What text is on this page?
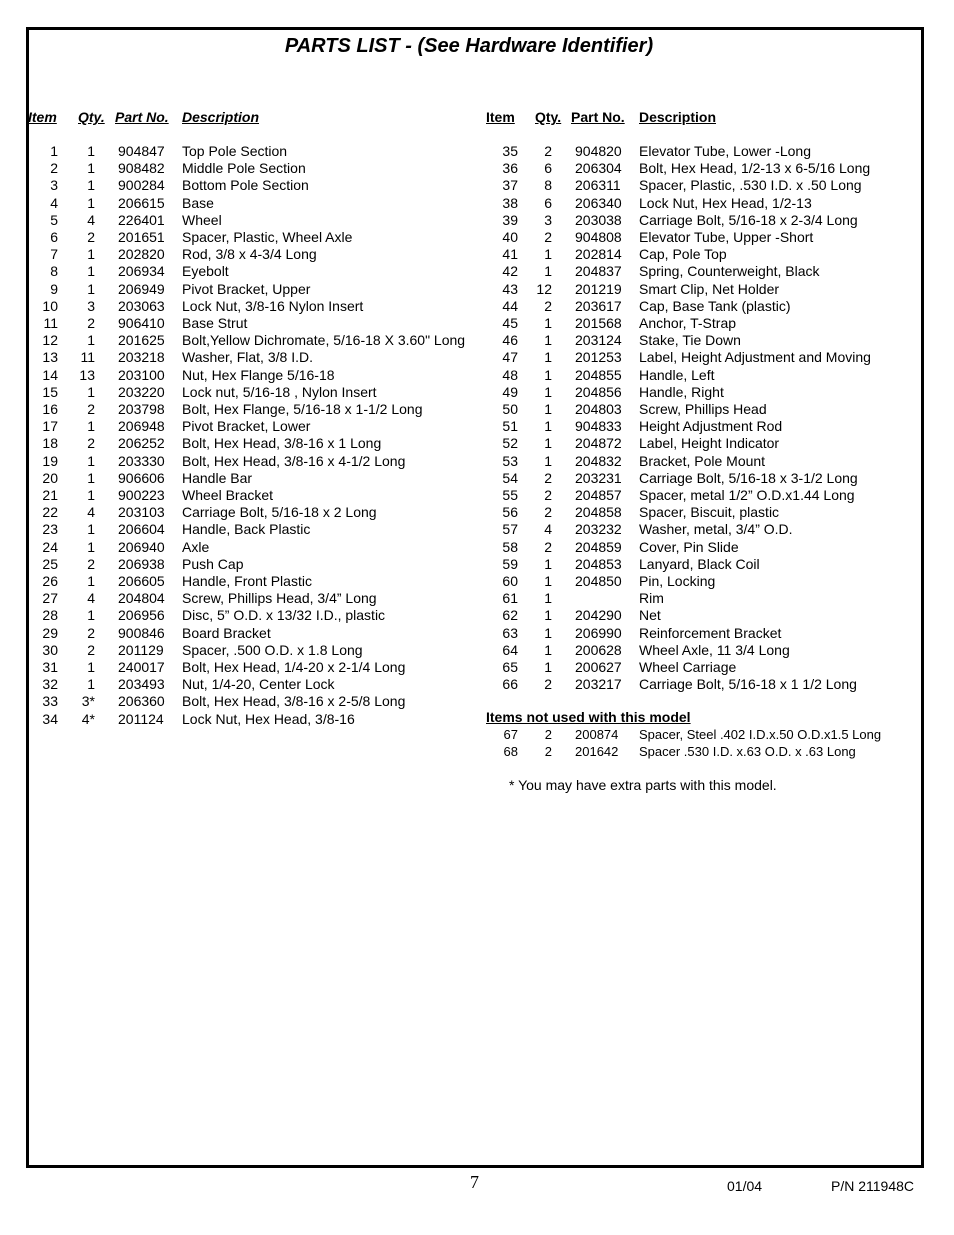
PARTS LIST - (See Hardware Identifier)
Item Qty. Part No. Description	Item Qty. Part No. Description
1	1 904847 Top Pole Section
2	1 908482 Middle Pole Section
3	1 900284 Bottom Pole Section
4	1 206615 Base
5	4 226401 Wheel
6	2 201651 Spacer, Plastic, Wheel Axle
7	1 202820 Rod, 3/8 x 4-3/4 Long
8	1 206934 Eyebolt
9	1 206949 Pivot Bracket, Upper
10	3 203063 Lock Nut, 3/8-16 Nylon Insert
11	2 906410 Base Strut
12	1 201625 Bolt,Yellow Dichromate, 5/16-18 X 3.60" Long
13	11 203218 Washer, Flat, 3/8 I.D.
14	13 203100 Nut, Hex Flange 5/16-18
15	1 203220 Lock nut, 5/16-18 , Nylon Insert
16	2 203798 Bolt, Hex Flange, 5/16-18 x 1-1/2 Long
17	1 206948 Pivot Bracket, Lower
18	2 206252 Bolt, Hex Head, 3/8-16 x 1 Long
19	1 203330 Bolt, Hex Head, 3/8-16 x 4-1/2 Long
20	1 906606 Handle Bar
21	1 900223 Wheel Bracket
22	4 203103 Carriage Bolt, 5/16-18 x 2 Long
23	1 206604 Handle, Back Plastic
24	1 206940 Axle
25	2 206938 Push Cap
26	1 206605 Handle, Front Plastic
27	4 204804 Screw, Phillips Head, 3/4” Long
28	1 206956 Disc, 5” O.D. x 13/32 I.D., plastic
29	2 900846 Board Bracket
30	2 201129 Spacer, .500 O.D. x 1.8 Long
31	1 240017 Bolt, Hex Head, 1/4-20 x 2-1/4 Long
32	1 203493 Nut, 1/4-20, Center Lock
33	3* 206360 Bolt, Hex Head, 3/8-16 x 2-5/8 Long
34	4* 201124 Lock Nut, Hex Head, 3/8-16
35	2 904820 Elevator Tube, Lower -Long
36	6 206304 Bolt, Hex Head, 1/2-13 x 6-5/16 Long
37	8 206311 Spacer, Plastic, .530 I.D. x .50 Long
38	6 206340 Lock Nut, Hex Head, 1/2-13
39	3 203038 Carriage Bolt, 5/16-18 x 2-3/4 Long
40	2 904808 Elevator Tube, Upper -Short
41	1 202814 Cap, Pole Top
42	1 204837 Spring, Counterweight, Black
43	12 201219 Smart Clip, Net Holder
44	2 203617 Cap, Base Tank (plastic)
45	1 201568 Anchor, T-Strap
46	1 203124 Stake, Tie Down
47	1 201253 Label, Height Adjustment and Moving
48	1 204855 Handle, Left
49	1 204856 Handle, Right
50	1 204803 Screw, Phillips Head
51	1 904833 Height Adjustment Rod
52	1 204872 Label, Height Indicator
53	1 204832 Bracket, Pole Mount
54	2 203231 Carriage Bolt, 5/16-18 x 3-1/2 Long
55	2 204857 Spacer, metal 1/2” O.D.x1.44 Long
56	2 204858 Spacer, Biscuit, plastic
57	4 203232 Washer, metal, 3/4” O.D.
58	2 204859 Cover, Pin Slide
59	1 204853 Lanyard, Black Coil
60	1 204850 Pin, Locking
61	1	Rim
62	1 204290 Net
63	1 206990 Reinforcement Bracket
64	1 200628 Wheel Axle, 11 3/4 Long
65	1 200627 Wheel Carriage
66	2 203217 Carriage Bolt, 5/16-18 x 1 1/2 Long
Items not used with this model
67	2 200874 Spacer, Steel .402 I.D.x.50 O.D.x1.5 Long
68	2 201642 Spacer .530 I.D. x.63 O.D. x .63 Long
* You may have extra parts with this model.
7	01/04	P/N 211948C
